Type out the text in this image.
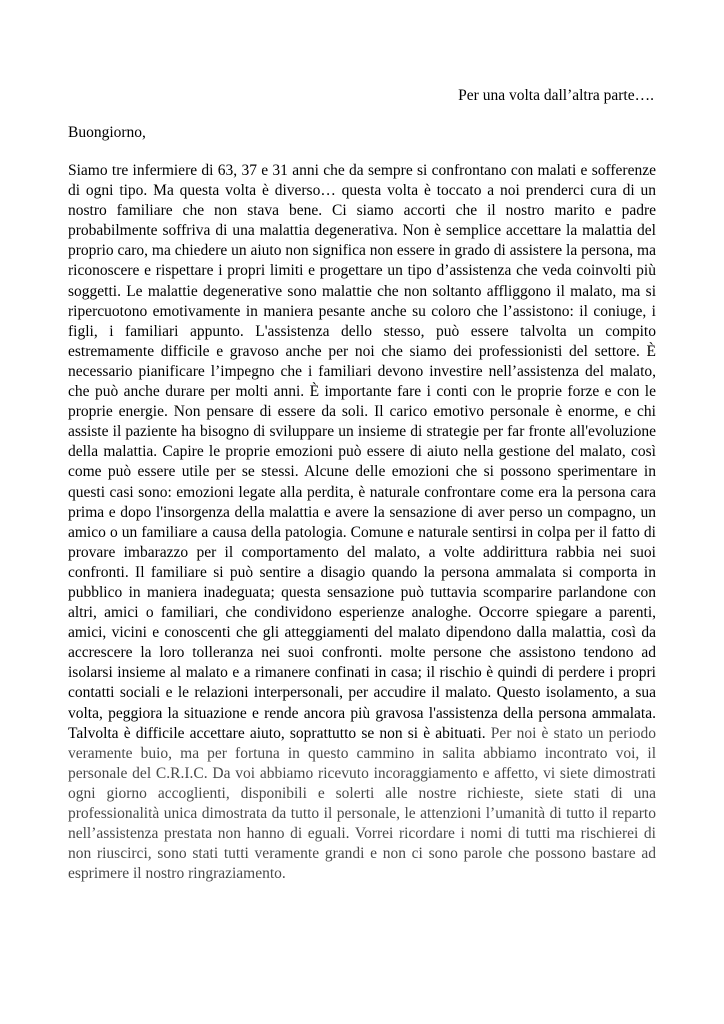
Per una volta dall’altra parte….

Buongiorno,

Siamo tre infermiere di 63, 37 e 31 anni che da sempre si confrontano con malati e sofferenze di ogni tipo. Ma questa volta è diverso… questa volta è toccato a noi prenderci cura di un nostro familiare che non stava bene. Ci siamo accorti che il nostro marito e padre probabilmente soffriva di una malattia degenerativa. Non è semplice accettare la malattia del proprio caro, ma chiedere un aiuto non significa non essere in grado di assistere la persona, ma riconoscere e rispettare i propri limiti e progettare un tipo d’assistenza che veda coinvolti più soggetti. Le malattie degenerative sono malattie che non soltanto affliggono il malato, ma si ripercuotono emotivamente in maniera pesante anche su coloro che l’assistono: il coniuge, i figli, i familiari appunto. L'assistenza dello stesso, può essere talvolta un compito estremamente difficile e gravoso anche per noi che siamo dei professionisti del settore. È necessario pianificare l’impegno che i familiari devono investire nell’assistenza del malato, che può anche durare per molti anni. È importante fare i conti con le proprie forze e con le proprie energie. Non pensare di essere da soli. Il carico emotivo personale è enorme, e chi assiste il paziente ha bisogno di sviluppare un insieme di strategie per far fronte all'evoluzione della malattia. Capire le proprie emozioni può essere di aiuto nella gestione del malato, così come può essere utile per se stessi. Alcune delle emozioni che si possono sperimentare in questi casi sono: emozioni legate alla perdita, è naturale confrontare come era la persona cara prima e dopo l'insorgenza della malattia e avere la sensazione di aver perso un compagno, un amico o un familiare a causa della patologia. Comune e naturale sentirsi in colpa per il fatto di provare imbarazzo per il comportamento del malato, a volte addirittura rabbia nei suoi confronti. Il familiare si può sentire a disagio quando la persona ammalata si comporta in pubblico in maniera inadeguata; questa sensazione può tuttavia scomparire parlandone con altri, amici o familiari, che condividono esperienze analoghe. Occorre spiegare a parenti, amici, vicini e conoscenti che gli atteggiamenti del malato dipendono dalla malattia, così da accrescere la loro tolleranza nei suoi confronti. molte persone che assistono tendono ad isolarsi insieme al malato e a rimanere confinati in casa; il rischio è quindi di perdere i propri contatti sociali e le relazioni interpersonali, per accudire il malato. Questo isolamento, a sua volta, peggiora la situazione e rende ancora più gravosa l'assistenza della persona ammalata. Talvolta è difficile accettare aiuto, soprattutto se non si è abituati. Per noi è stato un periodo veramente buio, ma per fortuna in questo cammino in salita abbiamo incontrato voi, il personale del C.R.I.C. Da voi abbiamo ricevuto incoraggiamento e affetto, vi siete dimostrati ogni giorno accoglienti, disponibili e solerti alle nostre richieste, siete stati di una professionalità unica dimostrata da tutto il personale, le attenzioni l’umanità di tutto il reparto nell’assistenza prestata non hanno di eguali. Vorrei ricordare i nomi di tutti ma rischierei di non riuscirci, sono stati tutti veramente grandi e non ci sono parole che possono bastare ad esprimere il nostro ringraziamento.
